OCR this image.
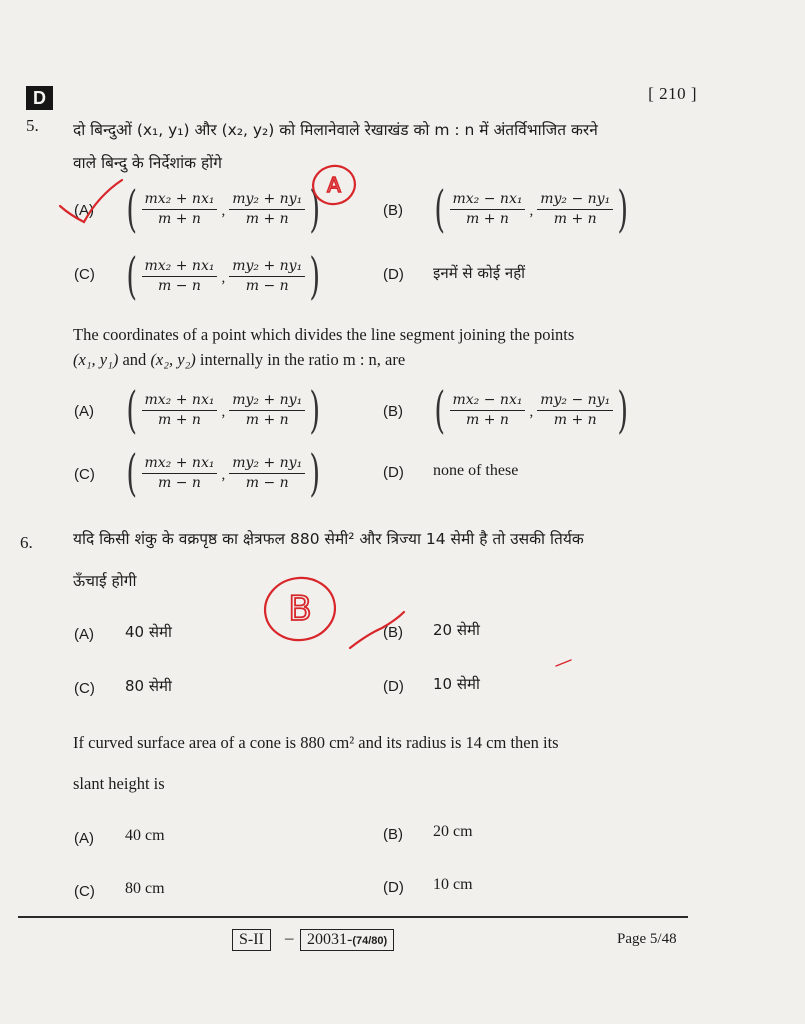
D	[ 210 ]
5. दो बिन्दुओं (x₁, y₁) और (x₂, y₂) को मिलानेवाले रेखाखंड को m : n में अंतर्विभाजित करने
वाले बिन्दु के निर्देशांक होंगे
(A) ( $\frac{\text{mx₂ + nx₁}}{m + n}$ , $\frac{\text{my₂ + ny₁}}{m + n}$ )	(B) ( $\frac{\text{mx₂ − nx₁}}{m + n}$ , $\frac{\text{my₂ − ny₁}}{m + n}$ )
(C) ( $\frac{\text{mx₂ + nx₁}}{m - n}$ , $\frac{\text{my₂ + ny₁}}{m - n}$ )	(D) इनमें से कोई नहीं
The coordinates of a point which divides the line segment joining the points
(x₁, y₁) and (x₂, y₂) internally in the ratio m : n, are
(A) ( $\frac{\text{mx₂ + nx₁}}{m + n}$ , $\frac{\text{my₂ + ny₁}}{m + n}$ )	(B) ( $\frac{\text{mx₂ − nx₁}}{m + n}$ , $\frac{\text{my₂ − ny₁}}{m + n}$ )
(C) ( $\frac{\text{mx₂ + nx₁}}{m - n}$ , $\frac{\text{my₂ + ny₁}}{m - n}$ )	(D) none of these
6.	यदि किसी शंकु के वक्रपृष्ठ का क्षेत्रफल 880 सेमी² और त्रिज्या 14 सेमी है तो उसकी तिर्यक
ऊँचाई होगी
(A) 40 सेमी	(B) 20 सेमी
(C) 80 सेमी	(D) 10 सेमी
If curved surface area of a cone is 880 cm² and its radius is 14 cm then its
slant height is
(A) 40 cm	(B) 20 cm
(C) 80 cm	(D) 10 cm
S-II	– 20031-(74/80)	Page 5/48
A
B
